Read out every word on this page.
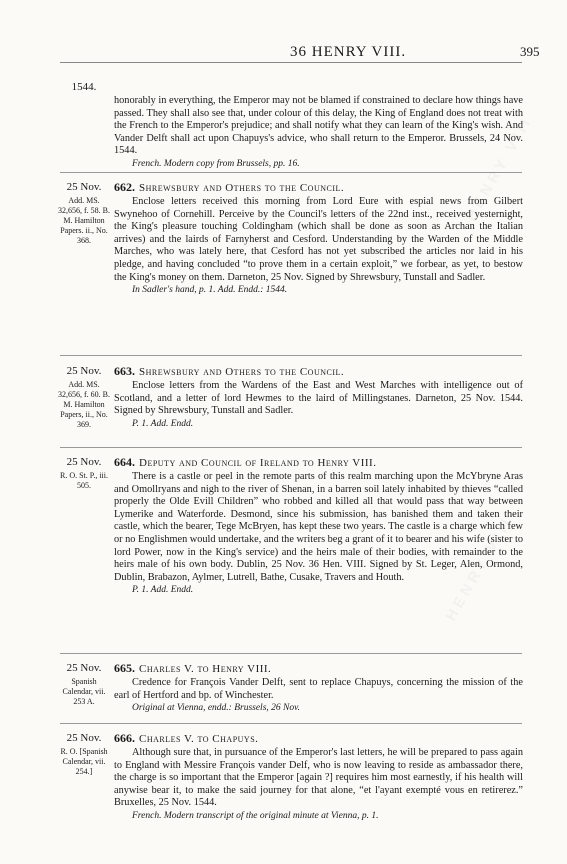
36 HENRY VIII.	395
1544.

honorably in everything, the Emperor may not be blamed if constrained to declare how things have passed. They shall also see that, under colour of this delay, the King of England does not treat with the French to the Emperor's prejudice; and shall notify what they can learn of the King's wish. And Vander Delft shall act upon Chapuys's advice, who shall return to the Emperor. Brussels, 24 Nov. 1544.

French. Modern copy from Brussels, pp. 16.

25 Nov.
Add. MS. 32,656, f. 58. B. M. Hamilton Papers. ii., No. 368.

662. Shrewsbury and Others to the Council.

Enclose letters received this morning from Lord Eure with espial news from Gilbert Swynehoo of Cornehill. Perceive by the Council's letters of the 22nd inst., received yesternight, the King's pleasure touching Coldingham (which shall be done as soon as Archan the Italian arrives) and the lairds of Farnyherst and Cesford. Understanding by the Warden of the Middle Marches, who was lately here, that Cesford has not yet subscribed the articles nor laid in his pledge, and having concluded “to prove them in a certain exploit,” we forbear, as yet, to bestow the King's money on them. Darneton, 25 Nov. Signed by Shrewsbury, Tunstall and Sadler.

In Sadler's hand, p. 1. Add. Endd.: 1544.

25 Nov.
Add. MS. 32,656, f. 60. B. M. Hamilton Papers, ii., No. 369.

663. Shrewsbury and Others to the Council.

Enclose letters from the Wardens of the East and West Marches with intelligence out of Scotland, and a letter of lord Hewmes to the laird of Millingstanes. Darneton, 25 Nov. 1544. Signed by Shrewsbury, Tunstall and Sadler.

P. 1. Add. Endd.

25 Nov.
R. O. St. P., iii. 505.

664. Deputy and Council of Ireland to Henry VIII.

There is a castle or peel in the remote parts of this realm marching upon the McYbryne Aras and Omollryans and nigh to the river of Shenan, in a barren soil lately inhabited by thieves “called properly the Olde Evill Children” who robbed and killed all that would pass that way between Lymerike and Waterforde. Desmond, since his submission, has banished them and taken their castle, which the bearer, Tege McBryen, has kept these two years. The castle is a charge which few or no Englishmen would undertake, and the writers beg a grant of it to bearer and his wife (sister to lord Power, now in the King's service) and the heirs male of their bodies, with remainder to the heirs male of his own body. Dublin, 25 Nov. 36 Hen. VIII. Signed by St. Leger, Alen, Ormond, Dublin, Brabazon, Aylmer, Lutrell, Bathe, Cusake, Travers and Houth.

P. 1. Add. Endd.

25 Nov.
Spanish Calendar, vii. 253 A.

665. Charles V. to Henry VIII.

Credence for François Vander Delft, sent to replace Chapuys, concerning the mission of the earl of Hertford and bp. of Winchester.

Original at Vienna, endd.: Brussels, 26 Nov.

25 Nov.
R. O. [Spanish Calendar, vii. 254.]

666. Charles V. to Chapuys.

Although sure that, in pursuance of the Emperor's last letters, he will be prepared to pass again to England with Messire François vander Delf, who is now leaving to reside as ambassador there, the charge is so important that the Emperor [again ?] requires him most earnestly, if his health will anywise bear it, to make the said journey for that alone, “et l'ayant exempté vous en retirerez.” Bruxelles, 25 Nov. 1544.

French. Modern transcript of the original minute at Vienna, p. 1.
